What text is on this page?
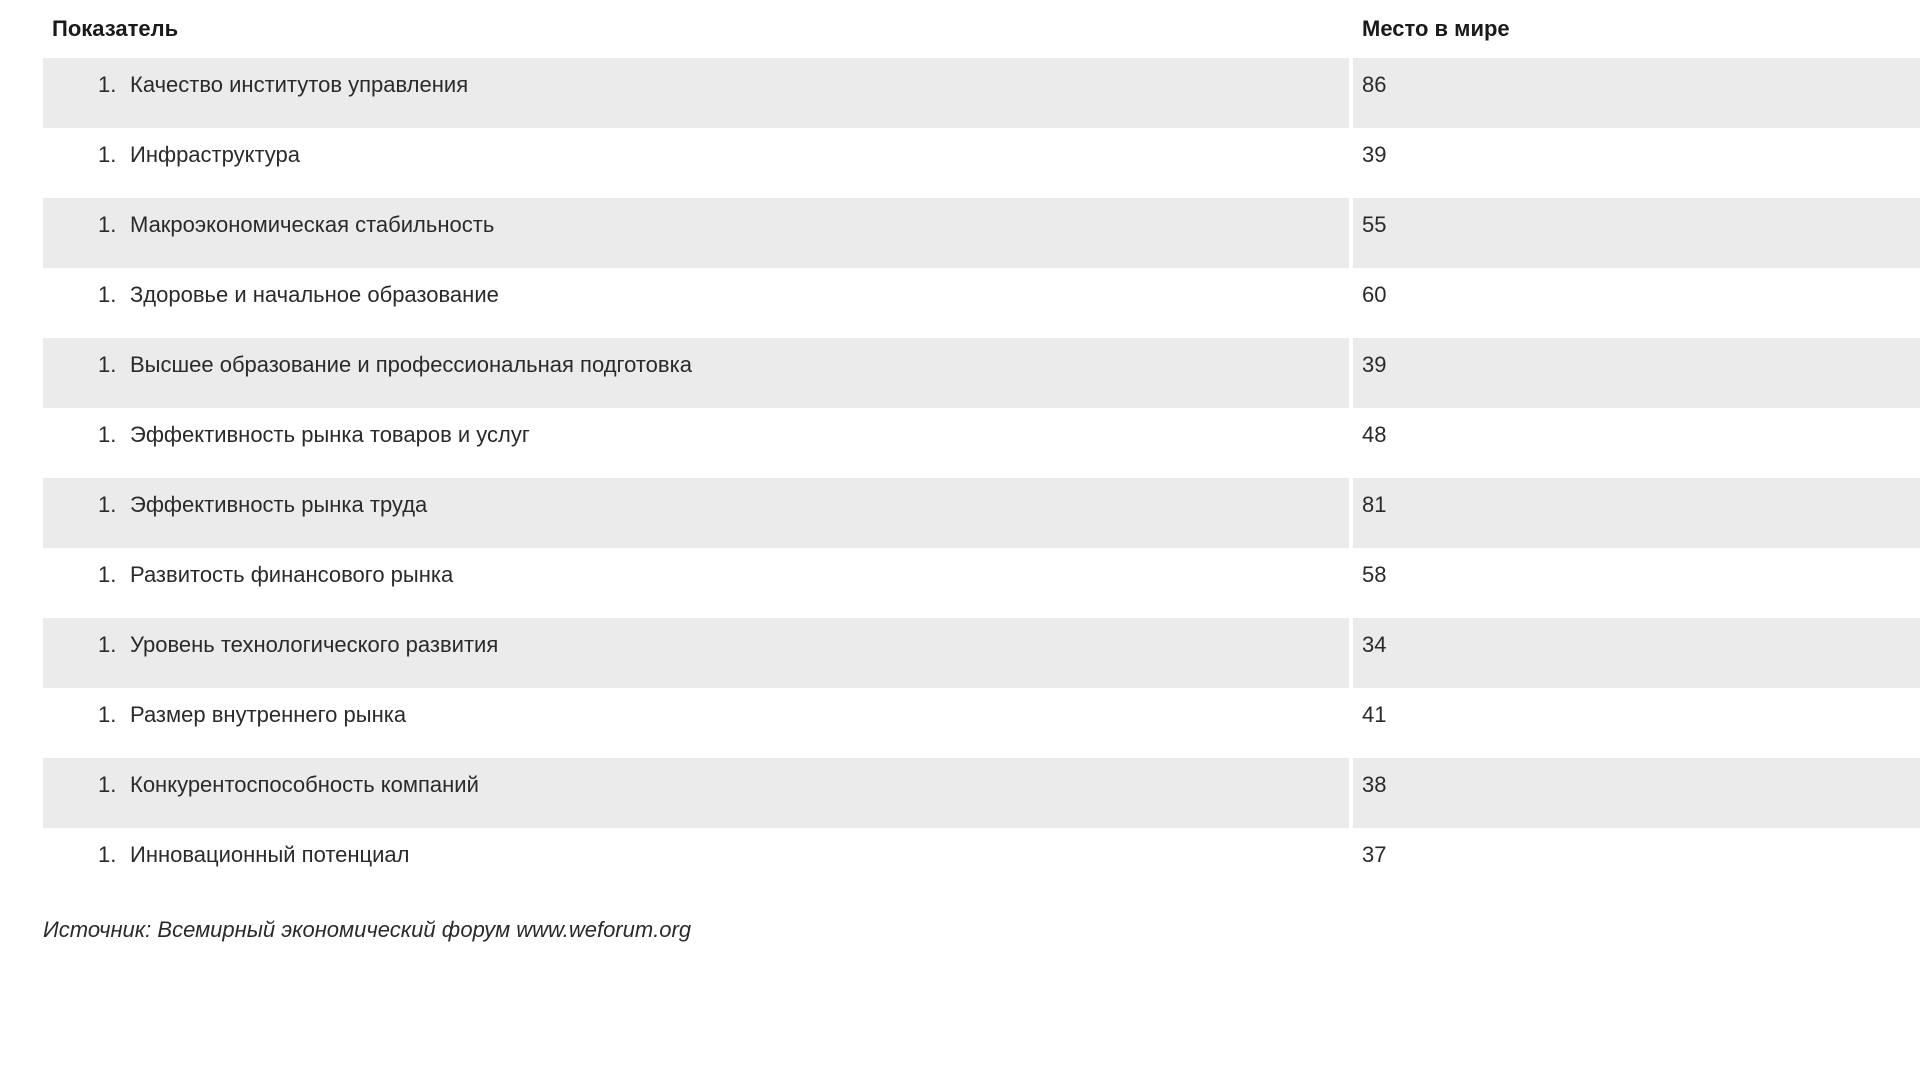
Показатель		Место в мире
1. Качество институтов управления		86
1. Инфраструктура		39
1. Макроэкономическая стабильность		55
1. Здоровье и начальное образование		60
1. Высшее образование и профессиональная подготовка		39
1. Эффективность рынка товаров и услуг		48
1. Эффективность рынка труда		81
1. Развитость финансового рынка		58
1. Уровень технологического развития		34
1. Размер внутреннего рынка		41
1. Конкурентоспособность компаний		38
1. Инновационный потенциал		37
Источник: Всемирный экономический форум www.weforum.org
